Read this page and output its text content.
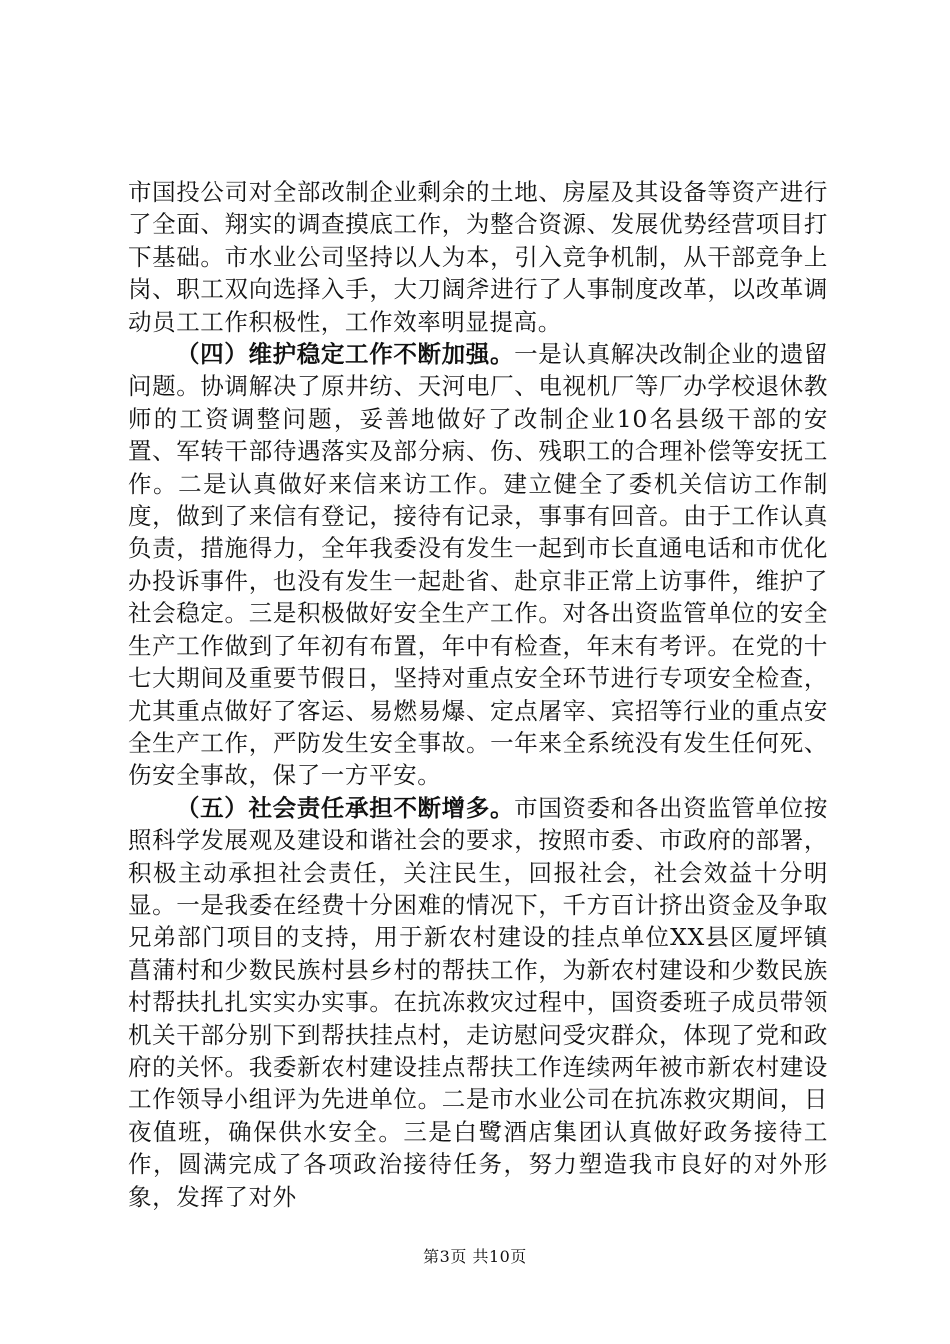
市国投公司对全部改制企业剩余的土地、房屋及其设备等资产进行了全面、翔实的调查摸底工作，为整合资源、发展优势经营项目打下基础。市水业公司坚持以人为本，引入竞争机制，从干部竞争上岗、职工双向选择入手，大刀阔斧进行了人事制度改革，以改革调动员工工作积极性，工作效率明显提高。

（四）维护稳定工作不断加强。一是认真解决改制企业的遗留问题。协调解决了原井纺、天河电厂、电视机厂等厂办学校退休教师的工资调整问题，妥善地做好了改制企业10名县级干部的安置、军转干部待遇落实及部分病、伤、残职工的合理补偿等安抚工作。二是认真做好来信来访工作。建立健全了委机关信访工作制度，做到了来信有登记，接待有记录，事事有回音。由于工作认真负责，措施得力，全年我委没有发生一起到市长直通电话和市优化办投诉事件，也没有发生一起赴省、赴京非正常上访事件，维护了社会稳定。三是积极做好安全生产工作。对各出资监管单位的安全生产工作做到了年初有布置，年中有检查，年末有考评。在党的十七大期间及重要节假日，坚持对重点安全环节进行专项安全检查，尤其重点做好了客运、易燃易爆、定点屠宰、宾招等行业的重点安全生产工作，严防发生安全事故。一年来全系统没有发生任何死、伤安全事故，保了一方平安。

（五）社会责任承担不断增多。市国资委和各出资监管单位按照科学发展观及建设和谐社会的要求，按照市委、市政府的部署，积极主动承担社会责任，关注民生，回报社会，社会效益十分明显。一是我委在经费十分困难的情况下，千方百计挤出资金及争取兄弟部门项目的支持，用于新农村建设的挂点单位XX县区厦坪镇菖蒲村和少数民族村县乡村的帮扶工作，为新农村建设和少数民族村帮扶扎扎实实办实事。在抗冻救灾过程中，国资委班子成员带领机关干部分别下到帮扶挂点村，走访慰问受灾群众，体现了党和政府的关怀。我委新农村建设挂点帮扶工作连续两年被市新农村建设工作领导小组评为先进单位。二是市水业公司在抗冻救灾期间，日夜值班，确保供水安全。三是白鹭酒店集团认真做好政务接待工作，圆满完成了各项政治接待任务，努力塑造我市良好的对外形象，发挥了对外

第3页 共10页
